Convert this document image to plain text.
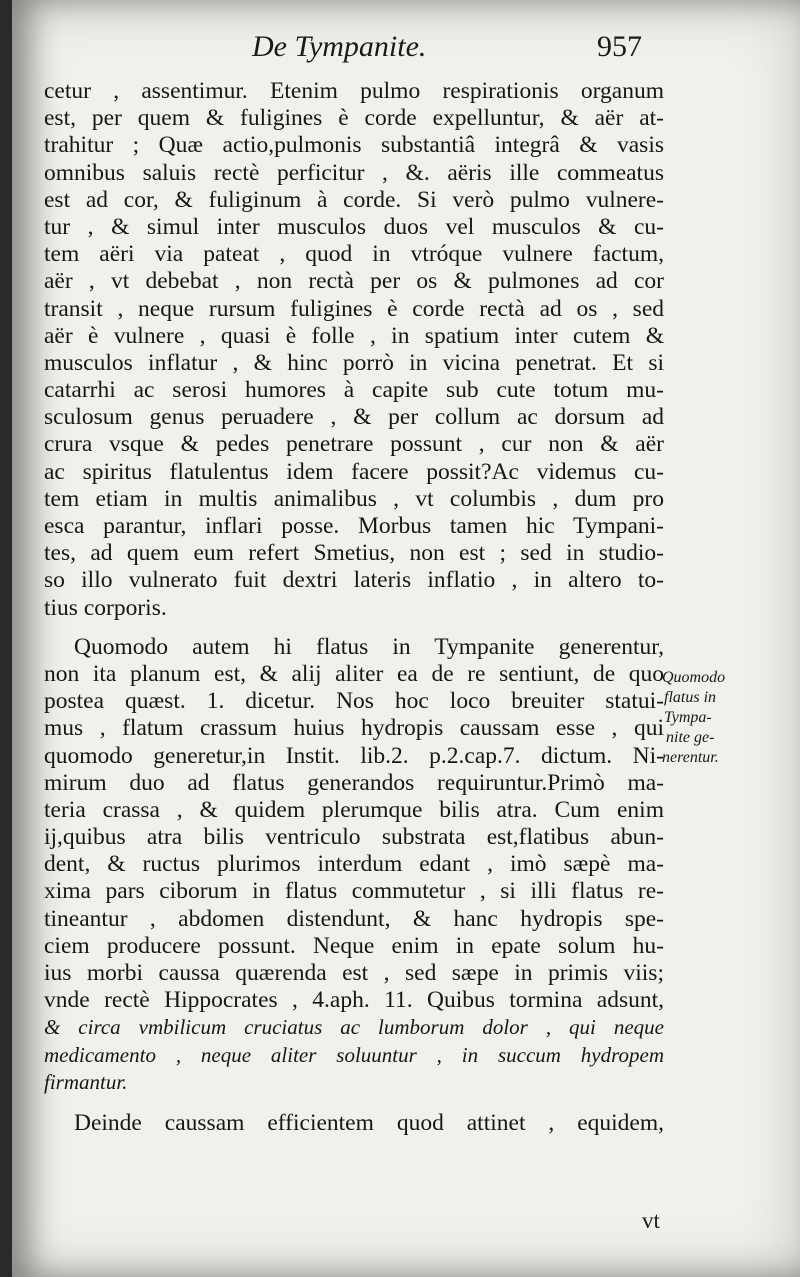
De Tympanite.	957
cetur , assentimur. Etenim pulmo respirationis organum
est, per quem & fuligines è corde expelluntur, & aër at-
trahitur ; Quæ actio,pulmonis substantiâ integrâ & vasis
omnibus saluis rectè perficitur , &. aëris ille commeatus
est ad cor, & fuliginum à corde. Si verò pulmo vulnere-
tur , & simul inter musculos duos vel musculos & cu-
tem aëri via pateat , quod in vtróque vulnere factum,
aër , vt debebat , non rectà per os & pulmones ad cor
transit , neque rursum fuligines è corde rectà ad os , sed
aër è vulnere , quasi è folle , in spatium inter cutem &
musculos inflatur , & hinc porrò in vicina penetrat. Et si
catarrhi ac serosi humores à capite sub cute totum mu-
sculosum genus peruadere , & per collum ac dorsum ad
crura vsque & pedes penetrare possunt , cur non & aër
ac spiritus flatulentus idem facere possit?Ac videmus cu-
tem etiam in multis animalibus , vt columbis , dum pro
esca parantur, inflari posse. Morbus tamen hic Tympani-
tes, ad quem eum refert Smetius, non est ; sed in studio-
so illo vulnerato fuit dextri lateris inflatio , in altero to-
tius corporis.
Quomodo autem hi flatus in Tympanite generentur,
non ita planum est, & alij aliter ea de re sentiunt, de quo
postea quæst. 1. dicetur. Nos hoc loco breuiter statui-
mus , flatum crassum huius hydropis caussam esse , qui
quomodo generetur,in Instit. lib.2. p.2.cap.7. dictum. Ni-
mirum duo ad flatus generandos requiruntur.Primò ma-
teria crassa , & quidem plerumque bilis atra. Cum enim
ij,quibus atra bilis ventriculo substrata est,flatibus abun-
dent, & ructus plurimos interdum edant , imò sæpè ma-
xima pars ciborum in flatus commutetur , si illi flatus re-
tineantur , abdomen distendunt, & hanc hydropis spe-
ciem producere possunt. Neque enim in epate solum hu-
ius morbi caussa quærenda est , sed sæpe in primis viis;
vnde rectè Hippocrates , 4.aph. 11. Quibus tormina adsunt,
& circa vmbilicum cruciatus ac lumborum dolor , qui neque
medicamento , neque aliter soluuntur , in succum hydropem
firmantur.
Deinde caussam efficientem quod attinet , equidem,
Quomodo
flatus in
Tympa-
nite ge-
nerentur.
vt
